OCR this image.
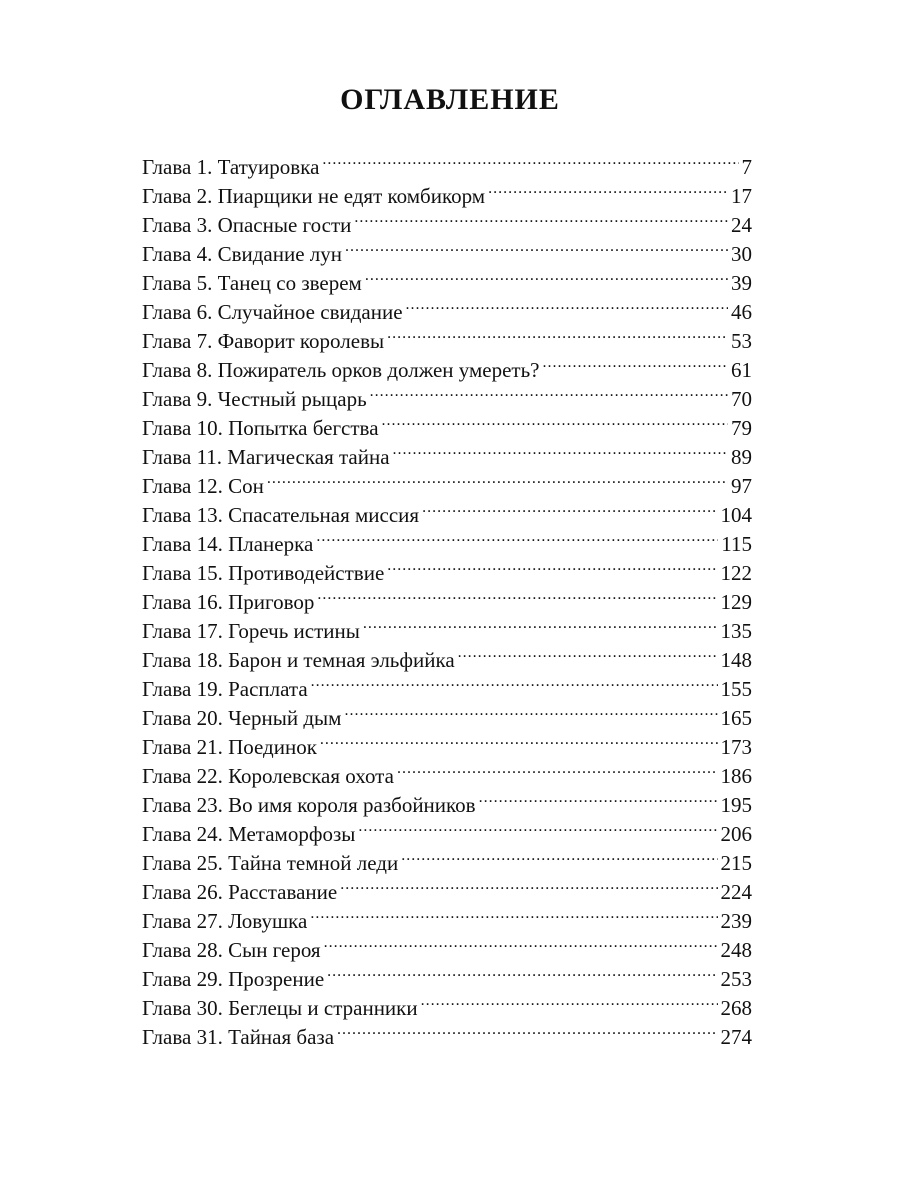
ОГЛАВЛЕНИЕ
Глава 1. Татуировка .....	7
Глава 2. Пиарщики не едят комбикорм .....	17
Глава 3. Опасные гости .....	24
Глава 4. Свидание лун .....	30
Глава 5. Танец со зверем .....	39
Глава 6. Случайное свидание .....	46
Глава 7. Фаворит королевы .....	53
Глава 8. Пожиратель орков должен умереть? .....	61
Глава 9. Честный рыцарь .....	70
Глава 10. Попытка бегства .....	79
Глава 11. Магическая тайна .....	89
Глава 12. Сон .....	97
Глава 13. Спасательная миссия .....	104
Глава 14. Планерка .....	115
Глава 15. Противодействие .....	122
Глава 16. Приговор .....	129
Глава 17. Горечь истины .....	135
Глава 18. Барон и темная эльфийка .....	148
Глава 19. Расплата .....	155
Глава 20. Черный дым .....	165
Глава 21. Поединок .....	173
Глава 22. Королевская охота .....	186
Глава 23. Во имя короля разбойников .....	195
Глава 24. Метаморфозы .....	206
Глава 25. Тайна темной леди .....	215
Глава 26. Расставание .....	224
Глава 27. Ловушка .....	239
Глава 28. Сын героя .....	248
Глава 29. Прозрение .....	253
Глава 30. Беглецы и странники .....	268
Глава 31. Тайная база .....	274
